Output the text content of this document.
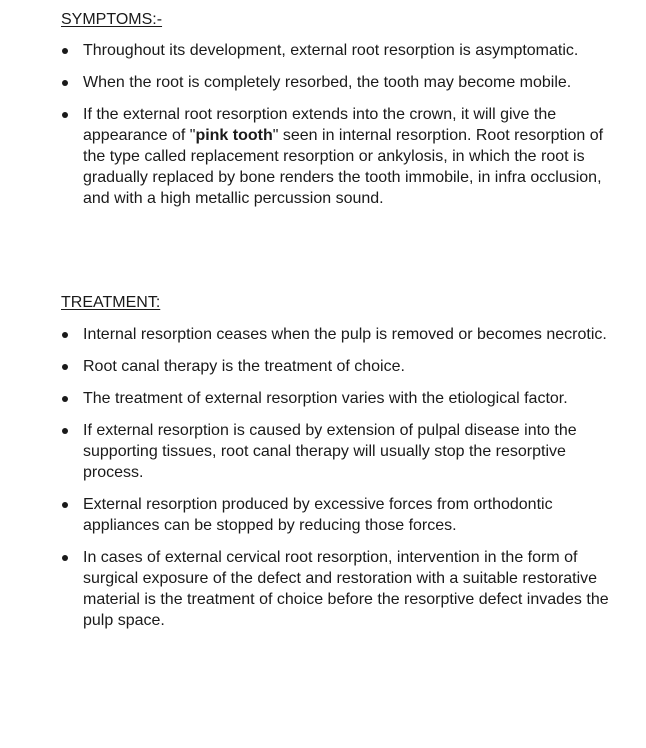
SYMPTOMS:-
Throughout its development, external root resorption is asymptomatic.
When the root is completely resorbed, the tooth may become mobile.
If the external root resorption extends into the crown, it will give the appearance of "pink tooth" seen in internal resorption. Root resorption of the type called replacement resorption or ankylosis, in which the root is gradually replaced by bone renders the tooth immobile, in infra occlusion, and with a high metallic percussion sound.
TREATMENT:
Internal resorption ceases when the pulp is removed or becomes necrotic.
Root canal therapy is the treatment of choice.
The treatment of external resorption varies with the etiological factor.
If external resorption is caused by extension of pulpal disease into the supporting tissues, root canal therapy will usually stop the resorptive process.
External resorption produced by excessive forces from orthodontic appliances can be stopped by reducing those forces.
In cases of external cervical root resorption, intervention in the form of surgical exposure of the defect and restoration with a suitable restorative material is the treatment of choice before the resorptive defect invades the pulp space.
